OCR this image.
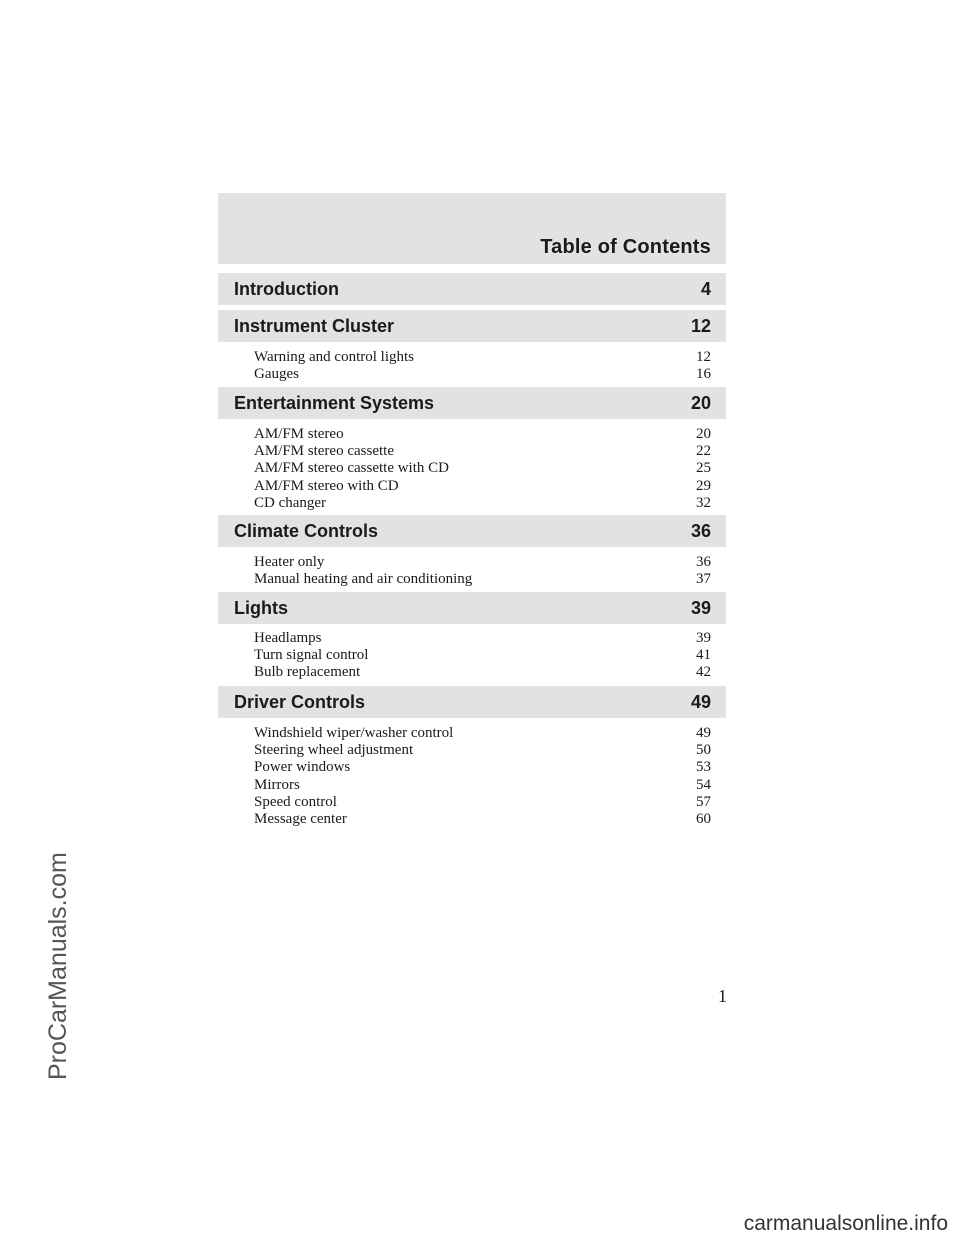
Table of Contents
Introduction	4
Instrument Cluster	12
Warning and control lights	12
Gauges	16
Entertainment Systems	20
AM/FM stereo	20
AM/FM stereo cassette	22
AM/FM stereo cassette with CD	25
AM/FM stereo with CD	29
CD changer	32
Climate Controls	36
Heater only	36
Manual heating and air conditioning	37
Lights	39
Headlamps	39
Turn signal control	41
Bulb replacement	42
Driver Controls	49
Windshield wiper/washer control	49
Steering wheel adjustment	50
Power windows	53
Mirrors	54
Speed control	57
Message center	60
1
ProCarManuals.com
carmanualsonline.info
